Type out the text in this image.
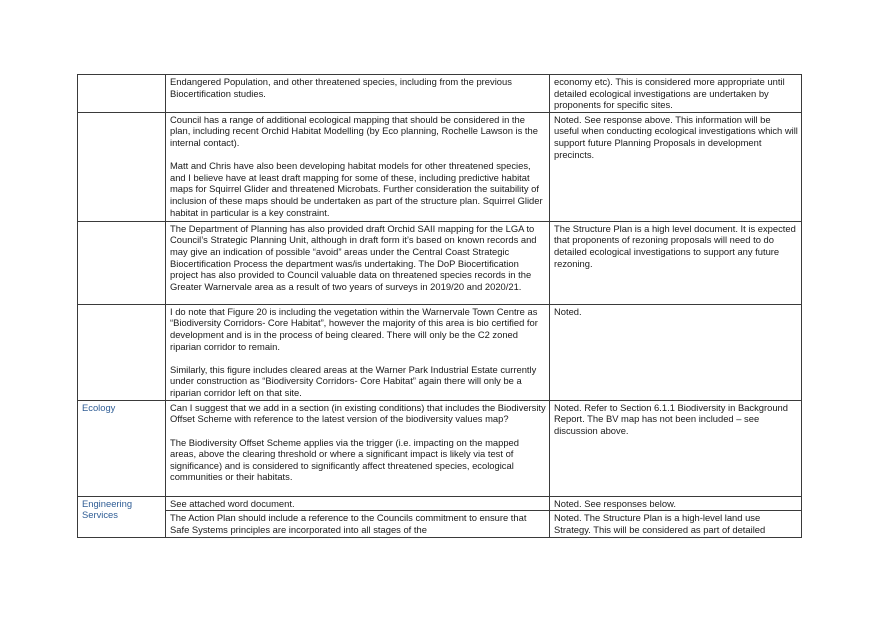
	Endangered Population, and other threatened species, including from the previous Biocertification studies.	economy etc). This is considered more appropriate until detailed ecological investigations are undertaken by proponents for specific sites.

	Council has a range of additional ecological mapping that should be considered in the plan, including recent Orchid Habitat Modelling (by Eco planning, Rochelle Lawson is the internal contact).
Matt and Chris have also been developing habitat models for other threatened species, and I believe have at least draft mapping for some of these, including predictive habitat maps for Squirrel Glider and threatened Microbats. Further consideration the suitability of inclusion of these maps should be undertaken as part of the structure plan. Squirrel Glider habitat in particular is a key constraint.	Noted. See response above. This information will be useful when conducting ecological investigations which will support future Planning Proposals in development precincts.

	The Department of Planning has also provided draft Orchid SAII mapping for the LGA to Council’s Strategic Planning Unit, although in draft form it’s based on known records and may give an indication of possible “avoid” areas under the Central Coast Strategic Biocertification Process the department was/is undertaking. The DoP Biocertification project has also provided to Council valuable data on threatened species records in the Greater Warnervale area as a result of two years of surveys in 2019/20 and 2020/21.	The Structure Plan is a high level document. It is expected that proponents of rezoning proposals will need to do detailed ecological investigations to support any future rezoning.

	I do note that Figure 20 is including the vegetation within the Warnervale Town Centre as “Biodiversity Corridors- Core Habitat”, however the majority of this area is bio certified for development and is in the process of being cleared. There will only be the C2 zoned riparian corridor to remain.
Similarly, this figure includes cleared areas at the Warner Park Industrial Estate currently under construction as “Biodiversity Corridors- Core Habitat” again there will only be a riparian corridor left on that site.	Noted.

Ecology	Can I suggest that we add in a section (in existing conditions) that includes the Biodiversity Offset Scheme with reference to the latest version of the biodiversity values map?
The Biodiversity Offset Scheme applies via the trigger (i.e. impacting on the mapped areas, above the clearing threshold or where a significant impact is likely via test of significance) and is considered to significantly affect threatened species, ecological communities or their habitats.	Noted. Refer to Section 6.1.1 Biodiversity in Background Report. The BV map has not been included – see discussion above.

Engineering Services	See attached word document.	Noted. See responses below.

	The Action Plan should include a reference to the Councils commitment to ensure that Safe Systems principles are incorporated into all stages of the	Noted. The Structure Plan is a high-level land use Strategy. This will be considered as part of detailed
